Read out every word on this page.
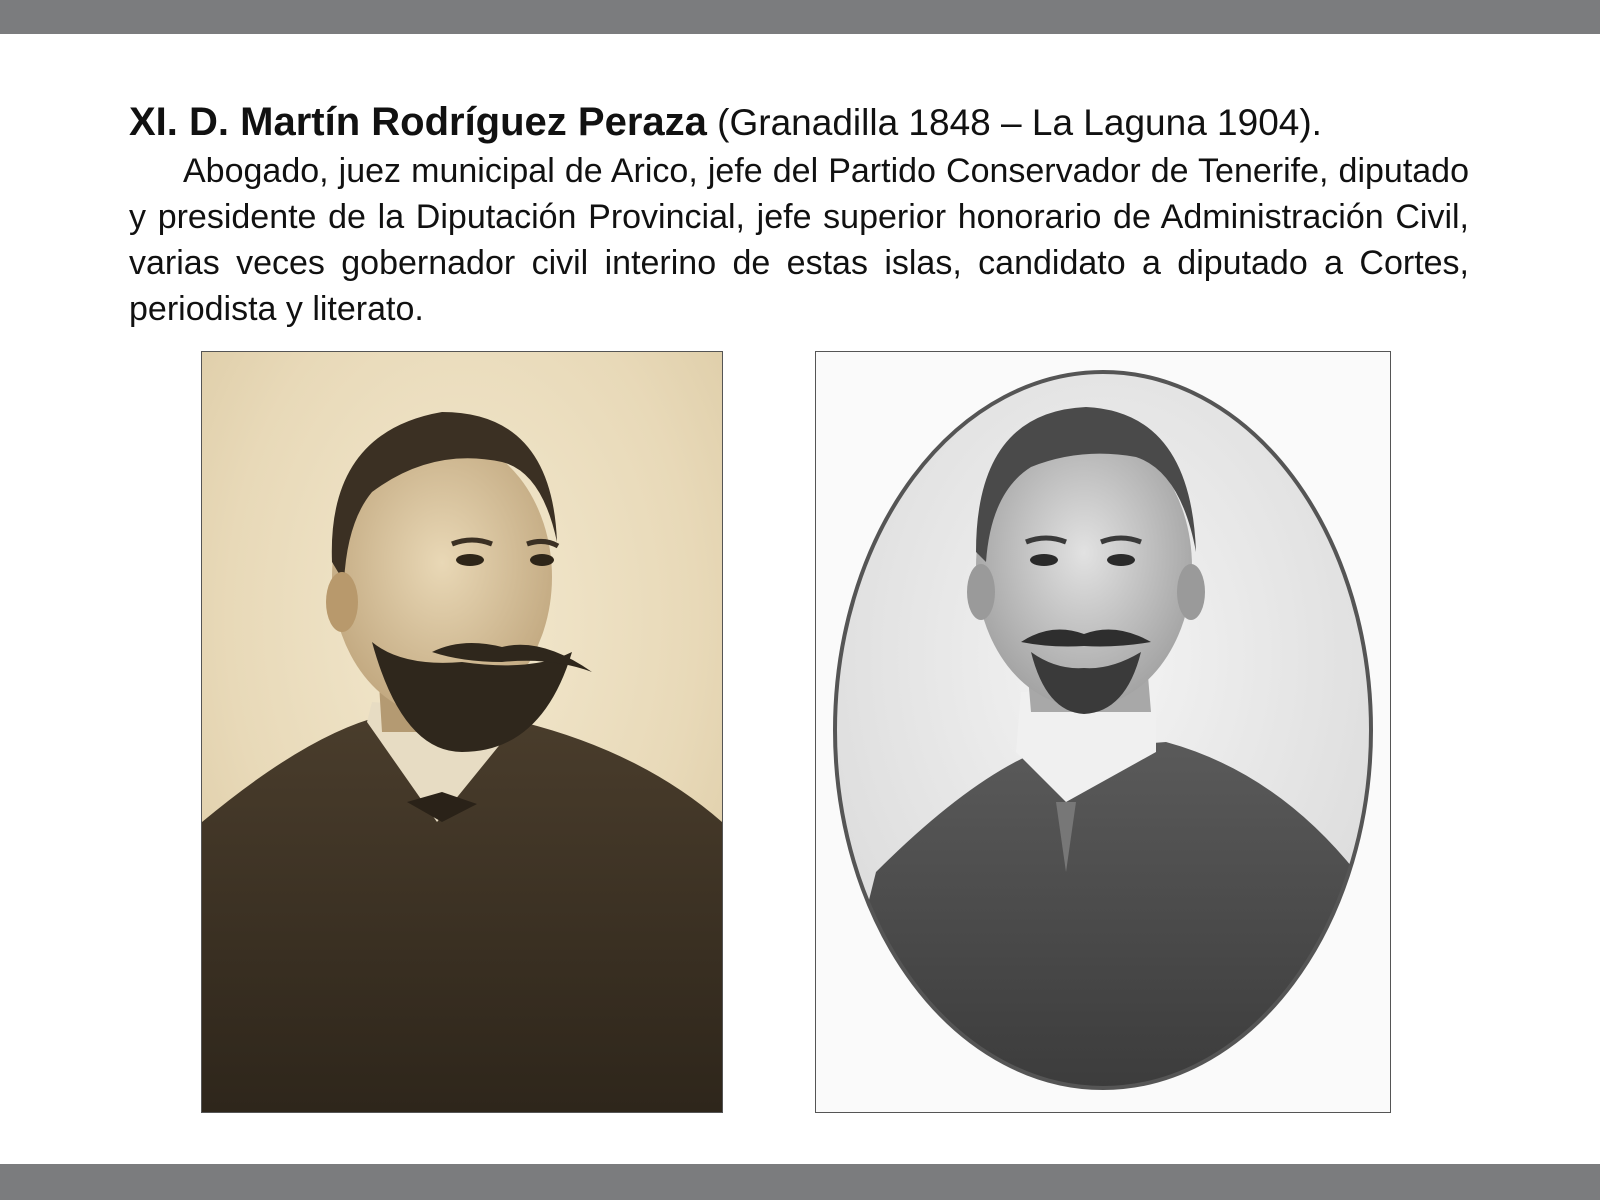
XI. D. Martín Rodríguez Peraza (Granadilla 1848 – La Laguna 1904).
Abogado, juez municipal de Arico, jefe del Partido Conservador de Tenerife, diputado y presidente de la Diputación Provincial, jefe superior honorario de Administración Civil, varias veces gobernador civil interino de estas islas, candidato a diputado a Cortes, periodista y literato.
